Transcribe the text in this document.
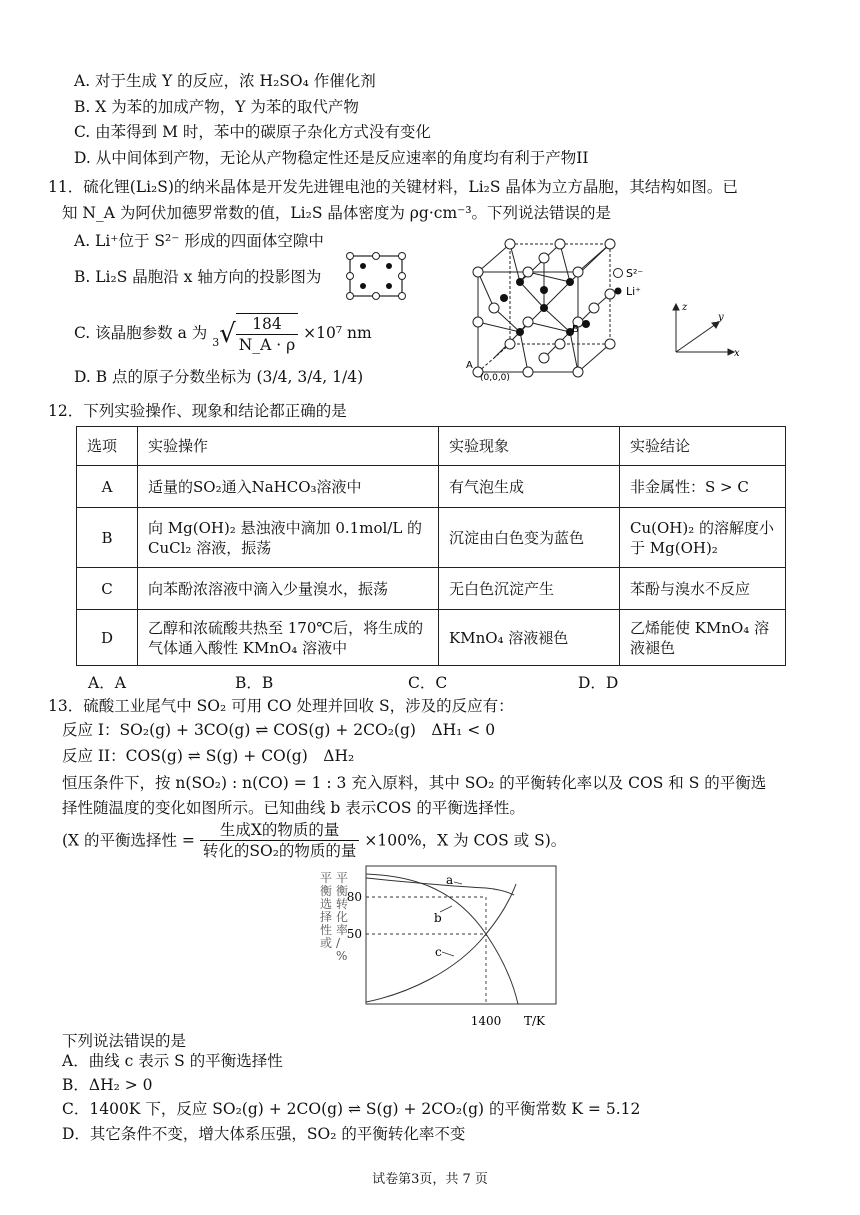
A. 对于生成 Y 的反应，浓 H₂SO₄ 作催化剂
B. X 为苯的加成产物，Y 为苯的取代产物
C. 由苯得到 M 时，苯中的碳原子杂化方式没有变化
D. 从中间体到产物，无论从产物稳定性还是反应速率的角度均有利于产物II
11．硫化锂(Li₂S)的纳米晶体是开发先进锂电池的关键材料，Li₂S 晶体为立方晶胞，其结构如图。已
知 N_A 为阿伏加德罗常数的值，Li₂S 晶体密度为 ρg·cm⁻³。下列说法错误的是
A. Li⁺位于 S²⁻ 形成的四面体空隙中
B. Li₂S 晶胞沿 x 轴方向的投影图为
C. 该晶胞参数 a 为 $_3√ \frac{184}{N\_A \cdot \rho} \times 10^7$ nm
D. B 点的原子分数坐标为 (3/4, 3/4, 1/4)
B
A
(0,0,0)
S²⁻
Li⁺
x
z
y
12．下列实验操作、现象和结论都正确的是
选项	实验操作	实验现象	实验结论
A	适量的SO₂通入NaHCO₃溶液中	有气泡生成	非金属性：S > C
B	向 Mg(OH)₂ 悬浊液中滴加 0.1mol/L 的 CuCl₂ 溶液，振荡	沉淀由白色变为蓝色	Cu(OH)₂ 的溶解度小于 Mg(OH)₂
C	向苯酚浓溶液中滴入少量溴水，振荡	无白色沉淀产生	苯酚与溴水不反应
D	乙醇和浓硫酸共热至 170℃后，将生成的气体通入酸性 KMnO₄ 溶液中	KMnO₄ 溶液褪色	乙烯能使 KMnO₄ 溶液褪色
A．A	B．B	C．C	D．D
13．硫酸工业尾气中 SO₂ 可用 CO 处理并回收 S，涉及的反应有：
反应 I：SO₂(g) + 3CO(g) ⇌ COS(g) + 2CO₂(g)　ΔH₁ < 0
反应 II：COS(g) ⇌ S(g) + CO(g)　ΔH₂
恒压条件下，按 n(SO₂) : n(CO) = 1 : 3 充入原料，其中 SO₂ 的平衡转化率以及 COS 和 S 的平衡选
择性随温度的变化如图所示。已知曲线 b 表示COS 的平衡选择性。
(X 的平衡选择性 = $\frac{\text{生成X的物质的量}}{\text{转化的SO₂的物质的量}} \times 100\%$，X 为 COS 或 S)。
a
b
c
80
50
1400 T/K
平衡选择性或平衡转化率/ %
下列说法错误的是
A．曲线 c 表示 S 的平衡选择性
B．ΔH₂ > 0
C．1400K 下，反应 SO₂(g) + 2CO(g) ⇌ S(g) + 2CO₂(g) 的平衡常数 K = 5.12
D．其它条件不变，增大体系压强，SO₂ 的平衡转化率不变
试卷第3页，共 7 页
